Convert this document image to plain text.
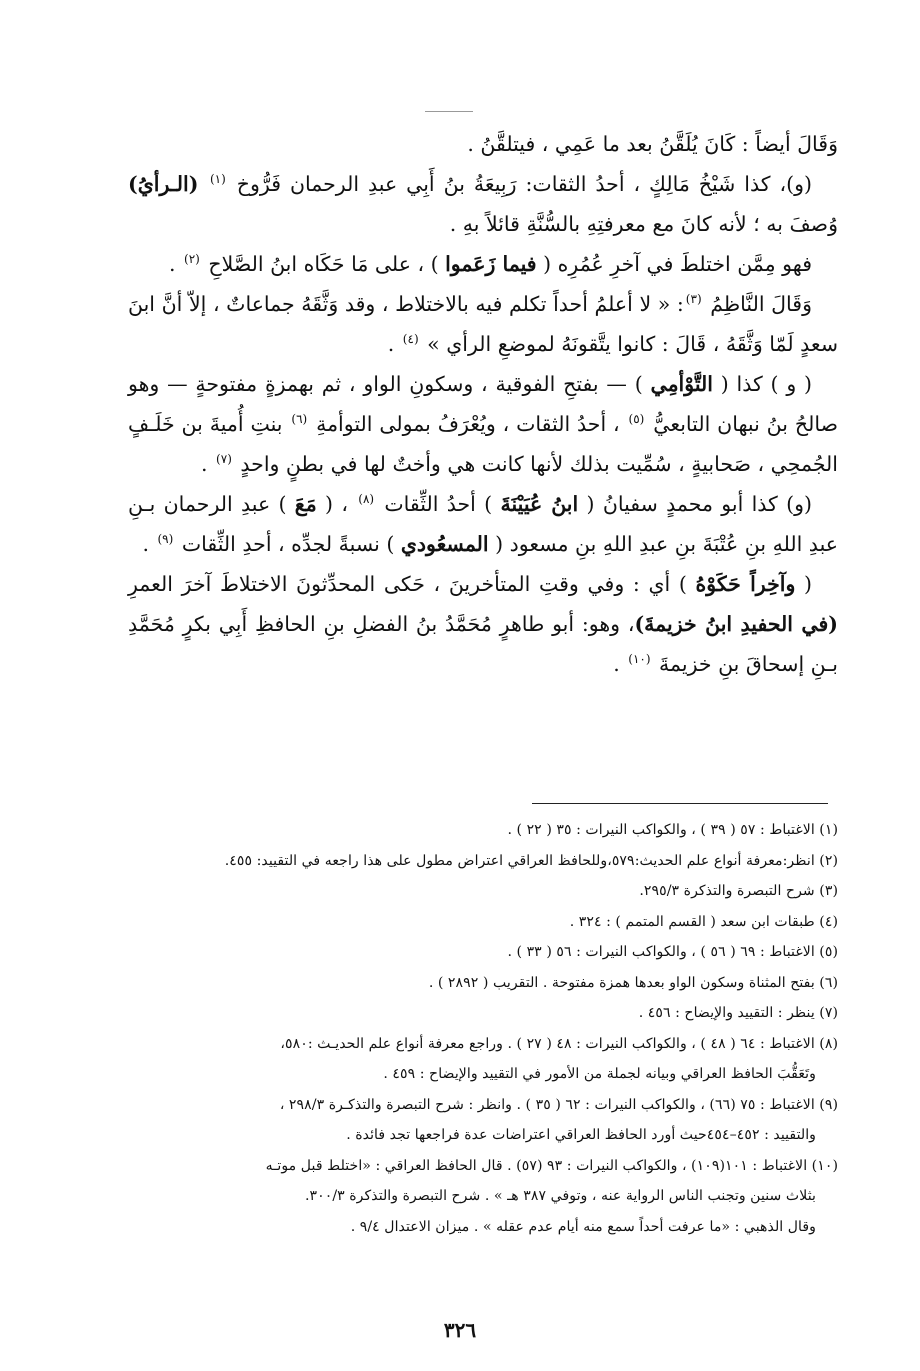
وَقَالَ أيضاً : كَانَ يُلَقَّنُ بعد ما عَمِي ، فيتلقَّنُ .

(و)، كذا شَيْخُ مَالِكٍ ، أحدُ الثقات: رَبِيعَةُ بنُ أَبِي عبدِ الرحمان فَرُّوخ $^{(١)}$ (الـرأيُ) وُصفَ به ؛ لأنه كانَ مع معرفتِهِ بالسُّنَّةِ قائلاً بهِ .

فهو مِمَّن اختلطَ في آخرِ عُمُرِه ( فيما زَعَموا ) ، على مَا حَكَاه ابنُ الصَّلاحِ $^{(٢)}$ .

وَقَالَ النَّاظِمُ $^{(٣)}$: « لا أعلمُ أحداً تكلم فيه بالاختلاط ، وقد وَثَّقَهُ جماعاتٌ ، إلاّ أنَّ ابنَ سعدٍ لَمّا وَثَّقَهُ ، قَالَ : كانوا يتَّقونَهُ لموضعِ الرأي » $^{(٤)}$ .

( و ) كذا ( التَّوْأمِي ) — بفتحِ الفوقية ، وسكونِ الواو ، ثم بهمزةٍ مفتوحةٍ — وهو صالحُ بنُ نبهان التابعيُّ $^{(٥)}$ ، أحدُ الثقات ، ويُعْرَفُ بمولى التوأمةِ $^{(٦)}$ بنتِ أُميةَ بن خَلَـفٍ الجُمحِي ، صَحابيةٍ ، سُمِّيت بذلك لأنها كانت هي وأختٌ لها في بطنٍ واحدٍ $^{(٧)}$ .

(و) كذا أبو محمدٍ سفيانُ ( ابنُ عُيَيْنَةَ ) أحدُ الثِّقات $^{(٨)}$ ، ( مَعَ ) عبدِ الرحمان بـنِ عبدِ اللهِ بنِ عُتْبَةَ بنِ عبدِ اللهِ بنِ مسعود ( المسعُودي ) نسبةً لجدِّه ، أحدِ الثِّقات $^{(٩)}$ .

( وآخِراً حَكَوْهُ ) أي : وفي وقتِ المتأخرينَ ، حَكى المحدِّثونَ الاختلاطَ آخرَ العمرِ (في الحفيدِ ابنُ خزيمةَ)، وهو: أبو طاهرٍ مُحَمَّدُ بنُ الفضلِ بنِ الحافظِ أَبِي بكرٍ مُحَمَّدِ بـنِ إسحاقَ بنِ خزيمةَ $^{(١٠)}$ .

(١) الاغتباط : ٥٧ ( ٣٩ ) ، والكواكب النيرات : ٣٥ ( ٢٢ ) .

(٢) انظر:معرفة أنواع علم الحديث:٥٧٩،وللحافظ العراقي اعتراض مطول على هذا راجعه في التقييد: ٤٥٥.

(٣) شرح التبصرة والتذكرة ٢٩٥/٣.

(٤) طبقات ابن سعد ( القسم المتمم ) : ٣٢٤ .

(٥) الاغتباط : ٦٩ ( ٥٦ ) ، والكواكب النيرات : ٥٦ ( ٣٣ ) .

(٦) بفتح المثناة وسكون الواو بعدها همزة مفتوحة . التقريب ( ٢٨٩٢ ) .

(٧) ينظر : التقييد والإيضاح : ٤٥٦ .

(٨) الاغتباط : ٦٤ ( ٤٨ ) ، والكواكب النيرات : ٤٨ ( ٢٧ ) . وراجع معرفة أنواع علم الحديـث :٥٨٠،
وتَعَقُّبَ الحافظ العراقي وبيانه لجملة من الأمور في التقييد والإيضاح : ٤٥٩ .

(٩) الاغتباط : ٧٥ (٦٦) ، والكواكب النيرات : ٦٢ ( ٣٥ ) . وانظر : شرح التبصرة والتذكـرة ٢٩٨/٣ ،
والتقييد : ٤٥٢–٤٥٤حيث أورد الحافظ العراقي اعتراضات عدة فراجعها تجد فائدة .

(١٠) الاغتباط : ١٠١(١٠٩) ، والكواكب النيرات : ٩٣ (٥٧) . قال الحافظ العراقي : «اختلط قبل موتـه
بثلاث سنين وتجنب الناس الرواية عنه ، وتوفي ٣٨٧ هـ » . شرح التبصرة والتذكرة ٣٠٠/٣.
وقال الذهبي : «ما عرفت أحداً سمع منه أيام عدم عقله » . ميزان الاعتدال ٩/٤ .

٣٢٦
